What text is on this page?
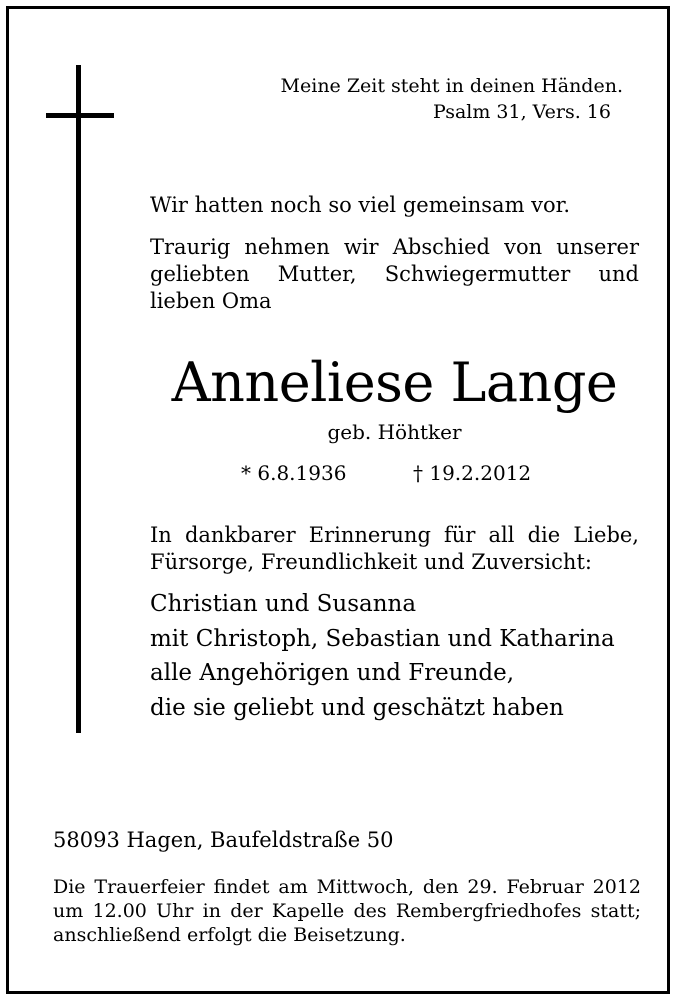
Meine Zeit steht in deinen Händen.
Psalm 31, Vers. 16
Wir hatten noch so viel gemeinsam vor.
Traurig nehmen wir Abschied von unserer geliebten Mutter, Schwiegermutter und lieben Oma
Anneliese Lange
geb. Höhtker
* 6.8.1936	† 19.2.2012
In dankbarer Erinnerung für all die Liebe, Fürsorge, Freundlichkeit und Zuversicht:
Christian und Susanna
mit Christoph, Sebastian und Katharina
alle Angehörigen und Freunde,
die sie geliebt und geschätzt haben
58093 Hagen, Baufeldstraße 50
Die Trauerfeier findet am Mittwoch, den 29. Februar 2012 um 12.00 Uhr in der Kapelle des Rembergfriedhofes statt; anschließend erfolgt die Beisetzung.
